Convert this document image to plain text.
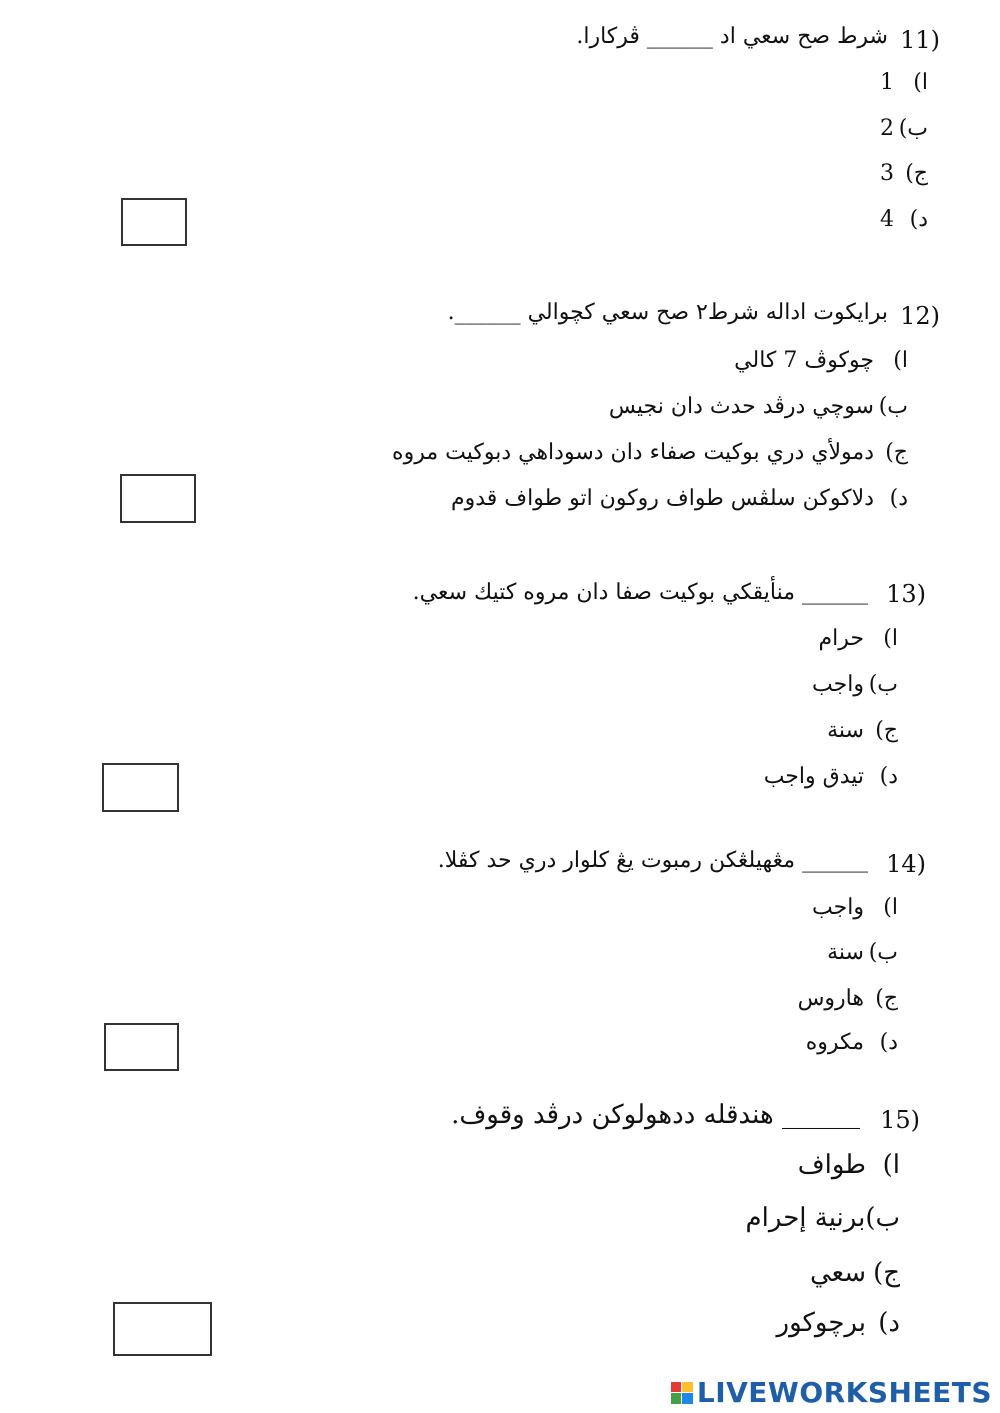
11)
شرط صح سعي اد ______ ڤركارا.
ا)1
ب)2
ج)3
د)4
12)
برايكوت اداله شرط٢ صح سعي كچوالي ______.
ا)چوكوڤ 7 كالي
ب)سوچي درڤد حدث دان نجيس
ج)دمولأي دري بوكيت صفاء دان دسوداهي دبوكيت مروه
د)دلاكوكن سلڤس طواف روكون اتو طواف قدوم
13)
______ منأيقكي بوكيت صفا دان مروه كتيك سعي.
ا)حرام
ب)واجب
ج)سنة
د)تيدق واجب
14)
______ مڠهيلڠكن رمبوت يڠ كلوار دري حد كڤلا.
ا)واجب
ب)سنة
ج)هاروس
د)مكروه
15)
______ هندقله ددهولوكن درڤد وقوف.
ا)طواف
ب)برنية إحرام
ج)سعي
د)برچوكور
LIVEWORKSHEETS
